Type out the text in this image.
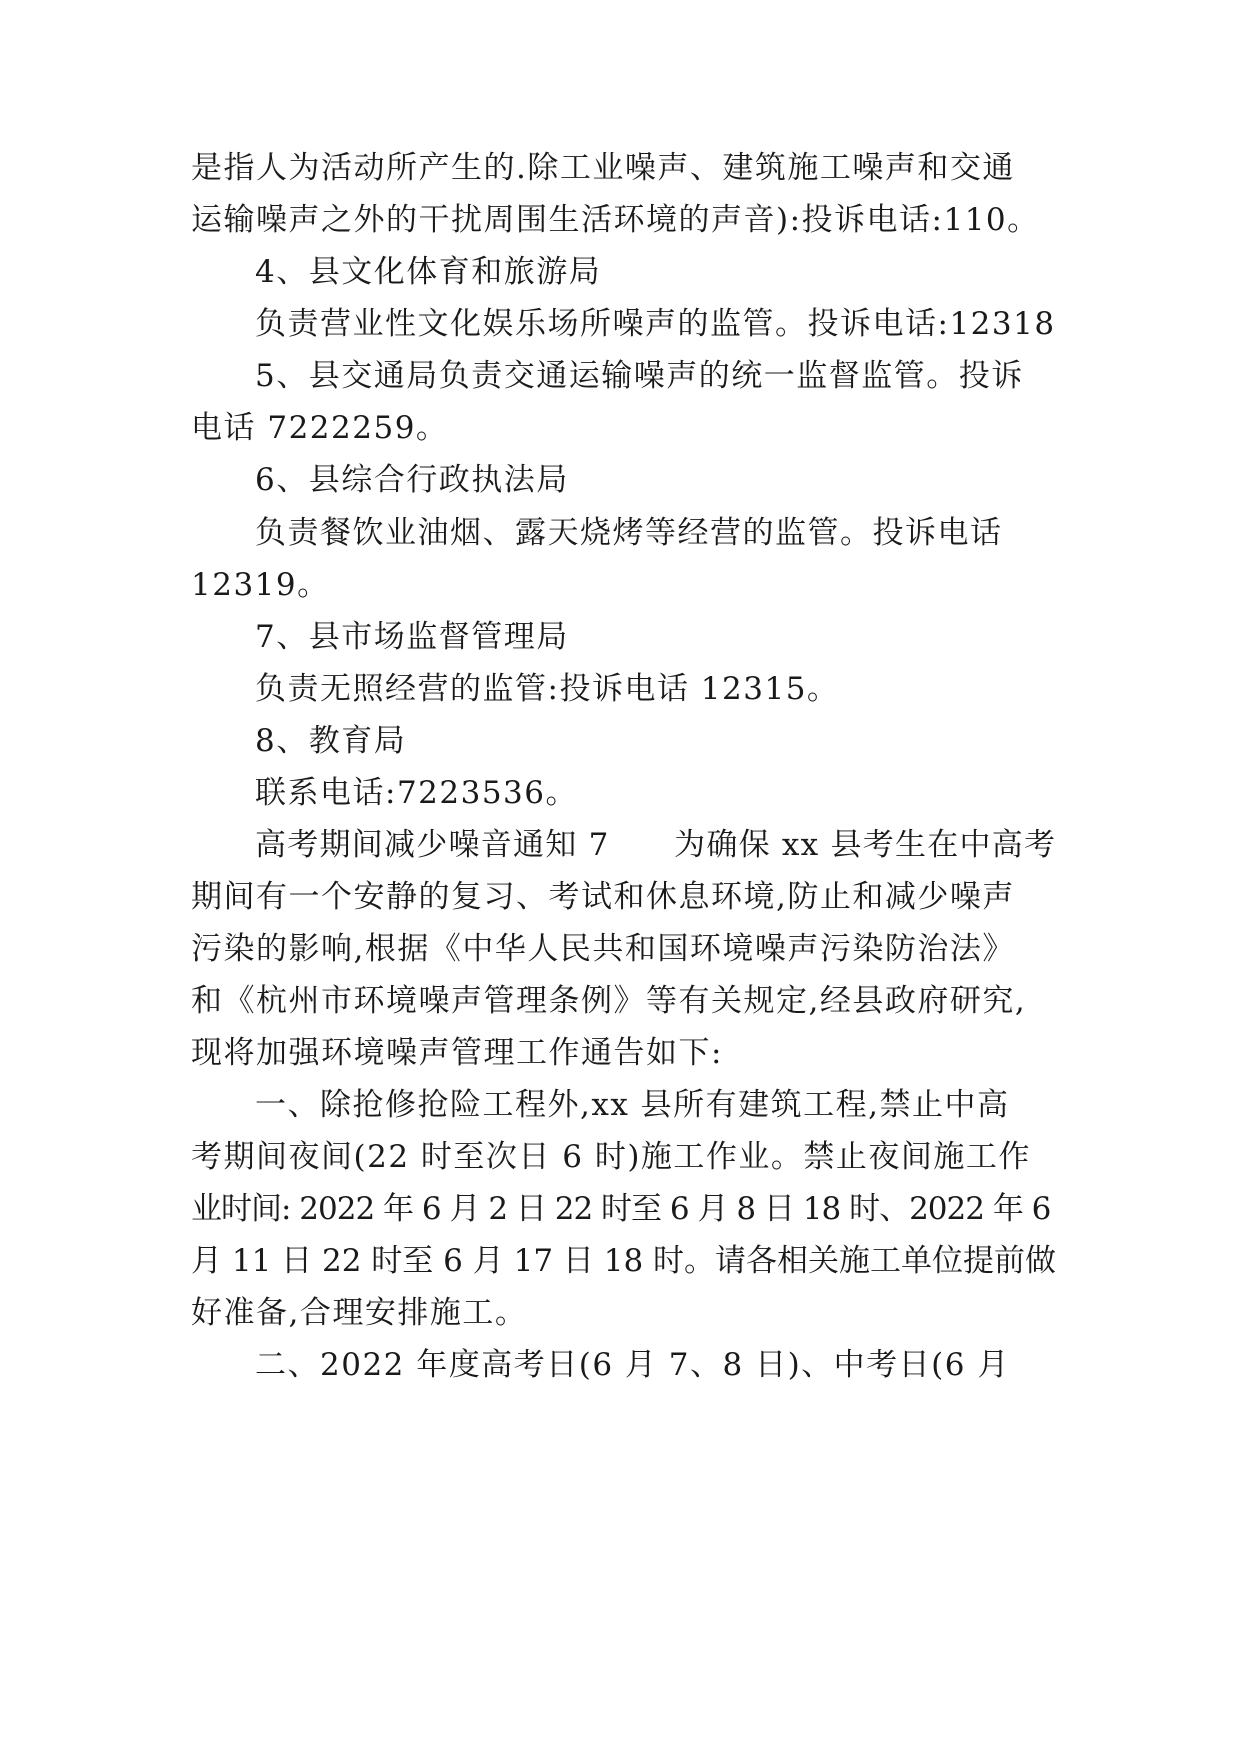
是指人为活动所产生的.除工业噪声、建筑施工噪声和交通
运输噪声之外的干扰周围生活环境的声音):投诉电话:110。
4、县文化体育和旅游局
负责营业性文化娱乐场所噪声的监管。投诉电话:12318
5、县交通局负责交通运输噪声的统一监督监管。投诉
电话 7222259。
6、县综合行政执法局
负责餐饮业油烟、露天烧烤等经营的监管。投诉电话
12319。
7、县市场监督管理局
负责无照经营的监管:投诉电话 12315。
8、教育局
联系电话:7223536。
高考期间减少噪音通知 7　　为确保 xx 县考生在中高考
期间有一个安静的复习、考试和休息环境,防止和减少噪声
污染的影响,根据《中华人民共和国环境噪声污染防治法》
和《杭州市环境噪声管理条例》等有关规定,经县政府研究,
现将加强环境噪声管理工作通告如下:
一、除抢修抢险工程外,xx 县所有建筑工程,禁止中高
考期间夜间(22 时至次日 6 时)施工作业。禁止夜间施工作
业时间: 2022 年 6 月 2 日 22 时至 6 月 8 日 18 时、2022 年 6
月 11 日 22 时至 6 月 17 日 18 时。请各相关施工单位提前做
好准备,合理安排施工。
二、2022 年度高考日(6 月 7、8 日)、中考日(6 月
